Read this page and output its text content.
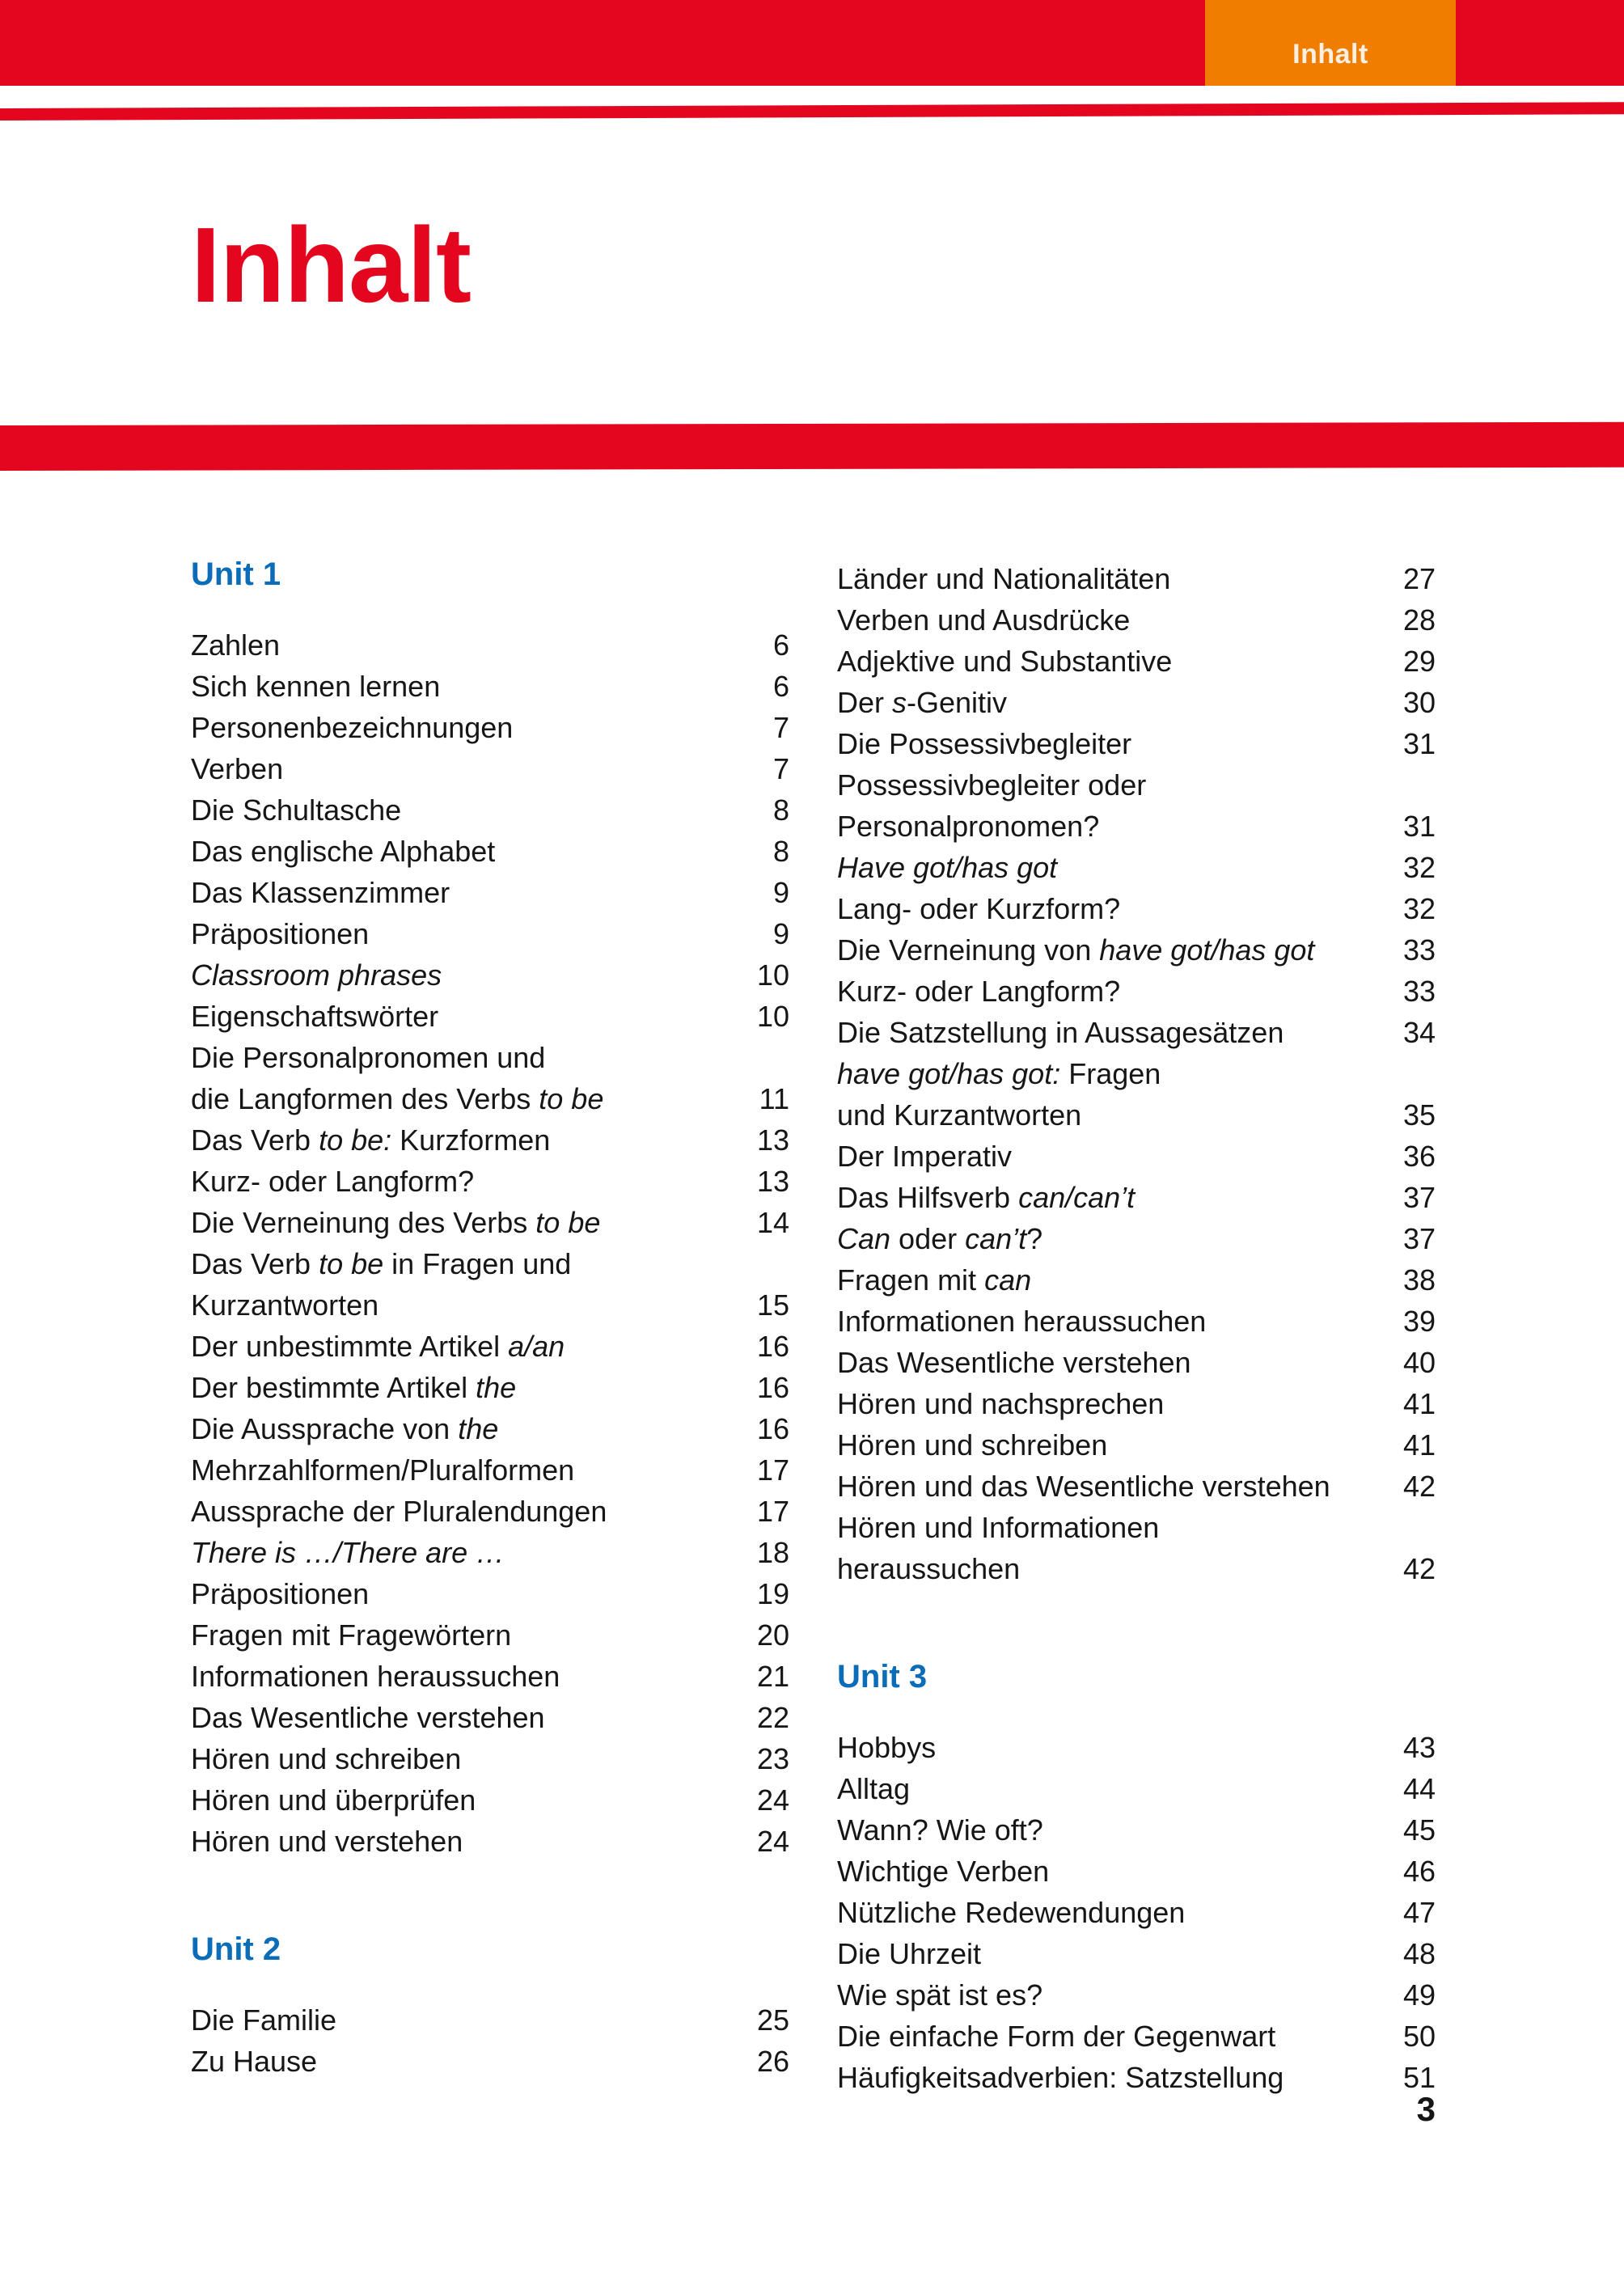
Inhalt
Inhalt
Unit 1
Zahlen	6
Sich kennen lernen	6
Personenbezeichnungen	7
Verben	7
Die Schultasche	8
Das englische Alphabet	8
Das Klassenzimmer	9
Präpositionen	9
Classroom phrases	10
Eigenschaftswörter	10
Die Personalpronomen und
die Langformen des Verbs to be	11
Das Verb to be: Kurzformen	13
Kurz- oder Langform?	13
Die Verneinung des Verbs to be	14
Das Verb to be in Fragen und
Kurzantworten	15
Der unbestimmte Artikel a/an	16
Der bestimmte Artikel the	16
Die Aussprache von the	16
Mehrzahlformen/Pluralformen	17
Aussprache der Pluralendungen	17
There is …/There are …	18
Präpositionen	19
Fragen mit Fragewörtern	20
Informationen heraussuchen	21
Das Wesentliche verstehen	22
Hören und schreiben	23
Hören und überprüfen	24
Hören und verstehen	24
Unit 2
Die Familie	25
Zu Hause	26
Länder und Nationalitäten	27
Verben und Ausdrücke	28
Adjektive und Substantive	29
Der s-Genitiv	30
Die Possessivbegleiter	31
Possessivbegleiter oder
Personalpronomen?	31
Have got/has got	32
Lang- oder Kurzform?	32
Die Verneinung von have got/has got	33
Kurz- oder Langform?	33
Die Satzstellung in Aussagesätzen	34
have got/has got: Fragen
und Kurzantworten	35
Der Imperativ	36
Das Hilfsverb can/can’t	37
Can oder can’t?	37
Fragen mit can	38
Informationen heraussuchen	39
Das Wesentliche verstehen	40
Hören und nachsprechen	41
Hören und schreiben	41
Hören und das Wesentliche verstehen	42
Hören und Informationen
heraussuchen	42
Unit 3
Hobbys	43
Alltag	44
Wann? Wie oft?	45
Wichtige Verben	46
Nützliche Redewendungen	47
Die Uhrzeit	48
Wie spät ist es?	49
Die einfache Form der Gegenwart	50
Häufigkeitsadverbien: Satzstellung	51
3
